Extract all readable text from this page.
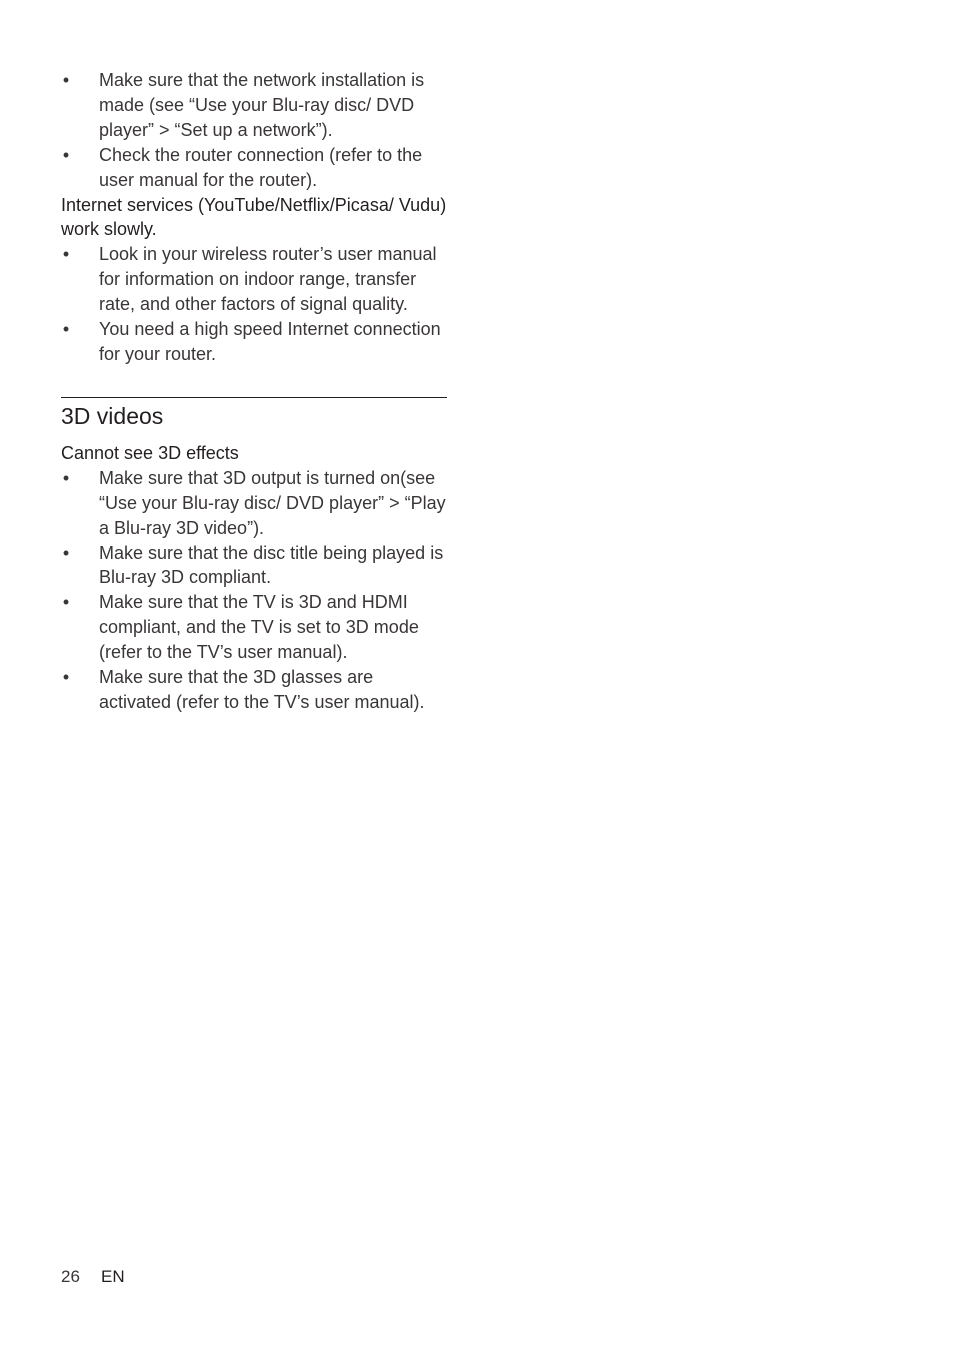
• Make sure that the network installation is made (see “Use your Blu-ray disc/ DVD player” > “Set up a network”).
• Check the router connection (refer to the user manual for the router).

Internet services (YouTube/Netflix/Picasa/ Vudu) work slowly.

• Look in your wireless router’s user manual for information on indoor range, transfer rate, and other factors of signal quality.
• You need a high speed Internet connection for your router.
3D videos

Cannot see 3D effects

• Make sure that 3D output is turned on(see “Use your Blu-ray disc/ DVD player” > “Play a Blu-ray 3D video”).
• Make sure that the disc title being played is Blu-ray 3D compliant.
• Make sure that the TV is 3D and HDMI compliant, and the TV is set to 3D mode (refer to the TV’s user manual).
• Make sure that the 3D glasses are activated (refer to the TV’s user manual).
26 EN
